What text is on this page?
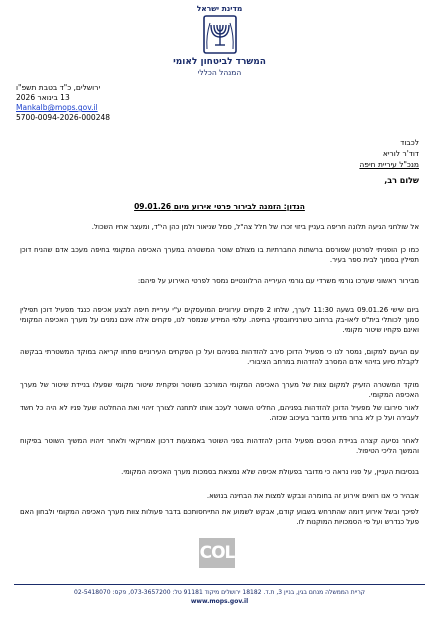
מדינת ישראל
המשרד לביטחון לאומי
המנהל הכללי
ירושלים, כ"ד בטבת תשפ"ו
13 בינואר 2026
Mankalb@mops.gov.il
5700-0094-2026-000248
לכבוד
דוד'ר לוריא
מנכ"ל עיריית חיפה
שלום רב,
הנדון: הזמנה לבירור פרטי אירוע מיום 09.01.26
אל שולחני הגיעה תלונה חריפה בעניין ביזוי זכרו של חלל צה"ל, סמל שניאור ולמן כהן הי"ד, ומעצר אחיו השכול.
כמו כן הופניתי לסרטון שפורסם ברשתות החברתיות בו מצולם שוטר המשטרה במערך האכיפה המקומי בחיפה מעכב אדם שהניח דוכן תפילין בסמוך לבית ספר בעיר.
מבירור ראשוני שערכו גורמי משרדי עם גורמי העירייה הרלוונטיים נמסר לפרטי האירוע על פיהם:
ביום שישי 09.01.26 בשעה 11:30 לערך, שלחו 2 פקחים עירוניים המועסקים ע"י עיריית חיפה לבצע אכיפה כנגד מפעיל דוכן תפילין סמוך לכותלי בית"ס ליאו-בק ברחוב טשרניחובסקי בחיפה. עלפי המידע שנמסר לנו, פקחים אלה אינם נמנים על מערך האכיפה המקומי ואינם פקחיו שיטור מקומי.
עם הגיעם למקום, נמסר לנו כי מפעיל הדוכן סירב להזדהות בפניהם ועל כן הפקחים העירוניים פתחו קריאה במוקד המשטרתי בבקשה לקבלת סיוע בזיהוי אדם המסרב להזדהות במרחב הציבורי.
מוקד המשטרה הזעיק למקום צוות של מערך האכיפה המקומי המורכב משוטר ופקחית שיטור מקומי שפעלו בניידת שיטור של מערך האכיפה המקומי.
לאור סירובו של מפעיל הדוכן להזדהות בפניהם, החליט השוטר לעכב אותו לתחנה לצורך זיהוי ואת ההחלטה שעל פניו לא היה כל חשד לעבירה ועל כן לא ברור מדוע מדובר בעיכוב שכזה.
לאחר נסיעה קצרה בניידת הסכים מפעיל הדוכן להזדהות בפני השוטר באמצעות דרכון אמריקאי ולאחר זיהויו המשיך השוטר בפיקוח והמשך הליכי הטיפול.
בנסיבות העניין, על פניו נראה כי מדובר בפעולת אכיפה שלא נמצאת בסמכות מערך האכיפה המקומי.
אבהיר כי אנו רואים אירוע זה בחומרה ונבקש למצות את הבחינה בנושא.
לפיכך ובשל אירוע דומה שהתרחש בשבוע קודם, אבקש לשמוע את התייחסותכם בדבר פעולות צוות מערך האכיפה המקומי ולבחון האם פעל כנדרש ועל פי הסמכויות המוקנות לו.
COL
קריית הממשלה מנחם בגין, בניין 3, ת.ד. 18182 ירושלים מיקוד 91181 טל: 073-3657200, פקס: 02-5418070
www.mops.gov.il
